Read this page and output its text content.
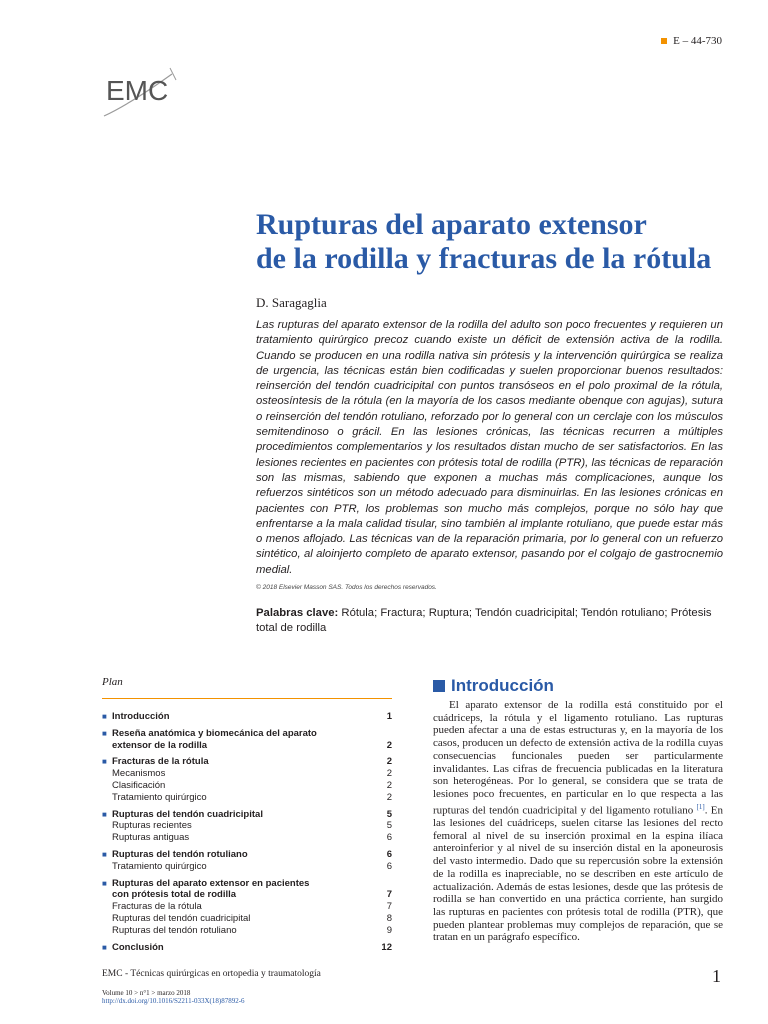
E – 44-730
EMC
Rupturas del aparato extensor
de la rodilla y fracturas de la rótula
D. Saragaglia

Las rupturas del aparato extensor de la rodilla del adulto son poco frecuentes y requieren un tratamiento quirúrgico precoz cuando existe un déficit de extensión activa de la rodilla. Cuando se producen en una rodilla nativa sin prótesis y la intervención quirúrgica se realiza de urgencia, las técnicas están bien codificadas y suelen proporcionar buenos resultados: reinserción del tendón cuadricipital con puntos transóseos en el polo proximal de la rótula, osteosíntesis de la rótula (en la mayoría de los casos mediante obenque con agujas), sutura o reinserción del tendón rotuliano, reforzado por lo general con un cerclaje con los músculos semitendinoso o grácil. En las lesiones crónicas, las técnicas recurren a múltiples procedimientos complementarios y los resultados distan mucho de ser satisfactorios. En las lesiones recientes en pacientes con prótesis total de rodilla (PTR), las técnicas de reparación son las mismas, sabiendo que exponen a muchas más complicaciones, aunque los refuerzos sintéticos son un método adecuado para disminuirlas. En las lesiones crónicas en pacientes con PTR, los problemas son mucho más complejos, porque no sólo hay que enfrentarse a la mala calidad tisular, sino también al implante rotuliano, que puede estar más o menos aflojado. Las técnicas van de la reparación primaria, por lo general con un refuerzo sintético, al aloinjerto completo de aparato extensor, pasando por el colgajo de gastrocnemio medial.

© 2018 Elsevier Masson SAS. Todos los derechos reservados.
Palabras clave: Rótula; Fractura; Ruptura; Tendón cuadricipital; Tendón rotuliano; Prótesis total de rodilla
Plan
■ Introducción	1
■ Reseña anatómica y biomecánica del aparato
extensor de la rodilla	2
■ Fracturas de la rótula	2
Mecanismos	2
Clasificación	2
Tratamiento quirúrgico	2
■ Rupturas del tendón cuadricipital	5
Rupturas recientes	5
Rupturas antiguas	6
■ Rupturas del tendón rotuliano	6
Tratamiento quirúrgico	6
■ Rupturas del aparato extensor en pacientes
con prótesis total de rodilla	7
Fracturas de la rótula	7
Rupturas del tendón cuadricipital	8
Rupturas del tendón rotuliano	9
■ Conclusión	12
Introducción

El aparato extensor de la rodilla está constituido por el cuádriceps, la rótula y el ligamento rotuliano. Las rupturas pueden afectar a una de estas estructuras y, en la mayoría de los casos, producen un defecto de extensión activa de la rodilla cuyas consecuencias funcionales pueden ser particularmente invalidantes. Las cifras de frecuencia publicadas en la literatura son heterogéneas. Por lo general, se considera que se trata de lesiones poco frecuentes, en particular en lo que respecta a las rupturas del tendón cuadricipital y del ligamento rotuliano [1]. En las lesiones del cuádriceps, suelen citarse las lesiones del recto femoral al nivel de su inserción proximal en la espina ilíaca anteroinferior y al nivel de su inserción distal en la aponeurosis del vasto intermedio. Dado que su repercusión sobre la extensión de la rodilla es inapreciable, no se describen en este artículo de actualización. Además de estas lesiones, desde que las prótesis de rodilla se han convertido en una práctica corriente, han surgido las rupturas en pacientes con prótesis total de rodilla (PTR), que pueden plantear problemas muy complejos de reparación, que se tratan en un parágrafo específico.

EMC - Técnicas quirúrgicas en ortopedia y traumatología
Volume 10 > n°1 > marzo 2018
http://dx.doi.org/10.1016/S2211-033X(18)87892-6
1
